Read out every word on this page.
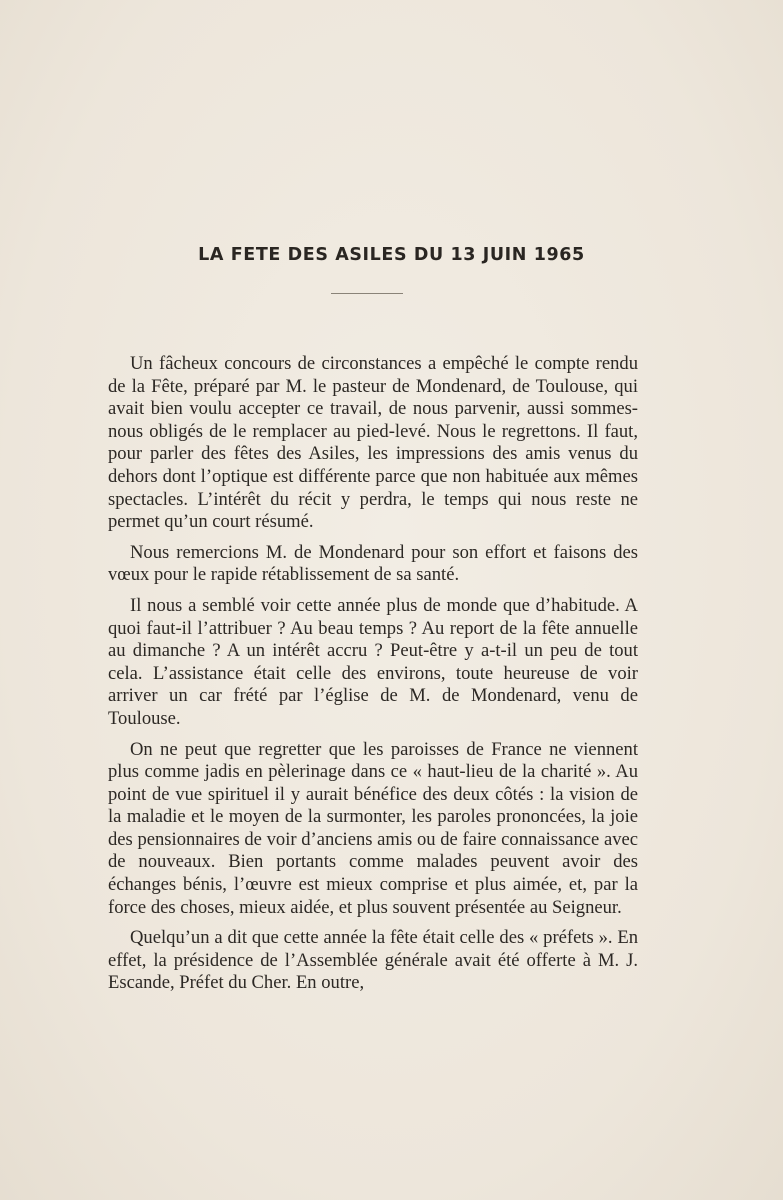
LA FETE DES ASILES DU 13 JUIN 1965

Un fâcheux concours de circonstances a empêché le compte rendu de la Fête, préparé par M. le pasteur de Mondenard, de Toulouse, qui avait bien voulu accepter ce travail, de nous parvenir, aussi sommes-nous obligés de le remplacer au pied-levé. Nous le regrettons. Il faut, pour parler des fêtes des Asiles, les impressions des amis venus du dehors dont l’optique est différente parce que non habituée aux mêmes spectacles. L’intérêt du récit y perdra, le temps qui nous reste ne permet qu’un court résumé.

Nous remercions M. de Mondenard pour son effort et faisons des vœux pour le rapide rétablissement de sa santé.

Il nous a semblé voir cette année plus de monde que d’habitude. A quoi faut-il l’attribuer ? Au beau temps ? Au report de la fête annuelle au dimanche ? A un intérêt accru ? Peut-être y a-t-il un peu de tout cela. L’assistance était celle des environs, toute heureuse de voir arriver un car frété par l’église de M. de Mondenard, venu de Toulouse.

On ne peut que regretter que les paroisses de France ne viennent plus comme jadis en pèlerinage dans ce « haut-lieu de la charité ». Au point de vue spirituel il y aurait bénéfice des deux côtés : la vision de la maladie et le moyen de la surmonter, les paroles prononcées, la joie des pensionnaires de voir d’anciens amis ou de faire connaissance avec de nouveaux. Bien portants comme malades peuvent avoir des échanges bénis, l’œuvre est mieux comprise et plus aimée, et, par la force des choses, mieux aidée, et plus souvent présentée au Seigneur.

Quelqu’un a dit que cette année la fête était celle des « préfets ». En effet, la présidence de l’Assemblée générale avait été offerte à M. J. Escande, Préfet du Cher. En outre,
